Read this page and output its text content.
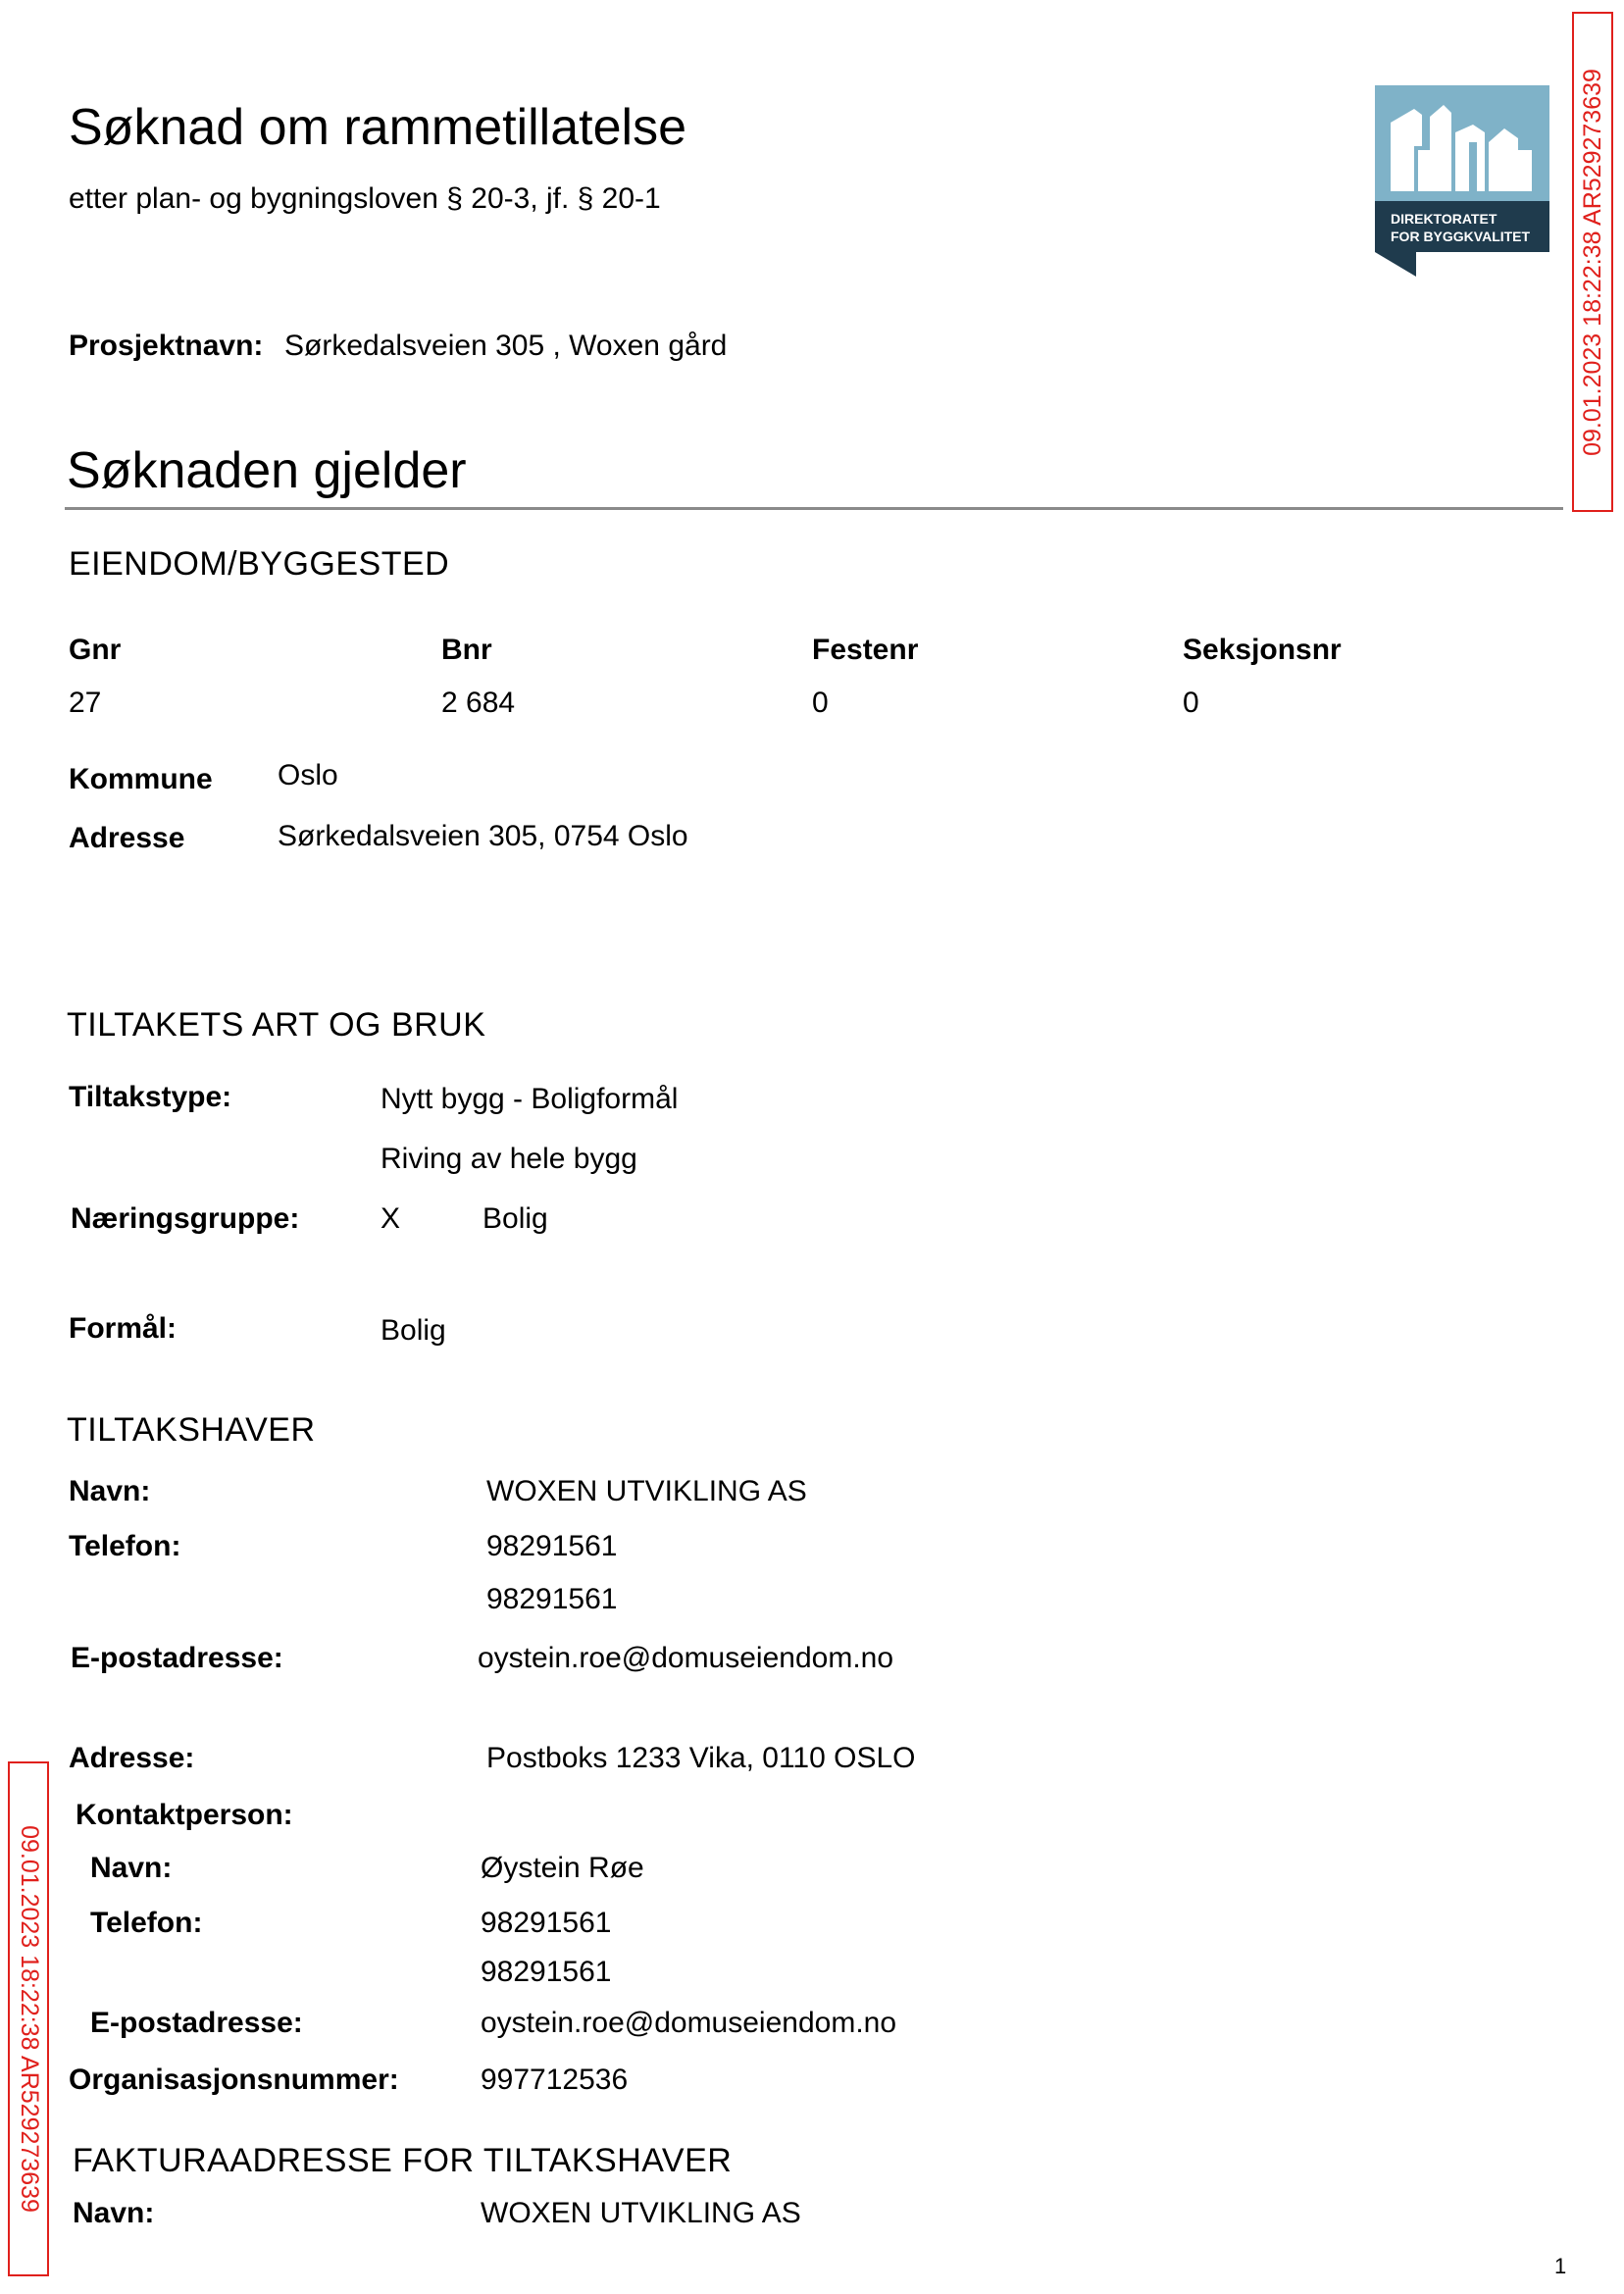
Søknad om rammetillatelse
etter plan- og bygningsloven § 20-3, jf. § 20-1
DIREKTORATET
FOR BYGGKVALITET 09.01.2023 18:22:38 AR529273639
09.01.2023 18:22:38 AR529273639
Prosjektnavn: Sørkedalsveien 305 , Woxen gård
Søknaden gjelder
EIENDOM/BYGGESTED
Gnr	Bnr	Festenr	Seksjonsnr
27	2 684	0	0
Kommune Oslo
Adresse	Sørkedalsveien 305, 0754 Oslo
TILTAKETS ART OG BRUK
Tiltakstype:	Nytt bygg - Boligformål
Riving av hele bygg
Næringsgruppe:	X	Bolig
Formål:	Bolig
TILTAKSHAVER
Navn:	WOXEN UTVIKLING AS
Telefon:	98291561
98291561
E-postadresse:	oystein.roe@domuseiendom.no
Adresse:	Postboks 1233 Vika, 0110 OSLO
Kontaktperson:
Navn:	Øystein Røe
Telefon:	98291561
98291561
E-postadresse:	oystein.roe@domuseiendom.no
Organisasjonsnummer:	997712536
FAKTURAADRESSE FOR TILTAKSHAVER
Navn:	WOXEN UTVIKLING AS
1
